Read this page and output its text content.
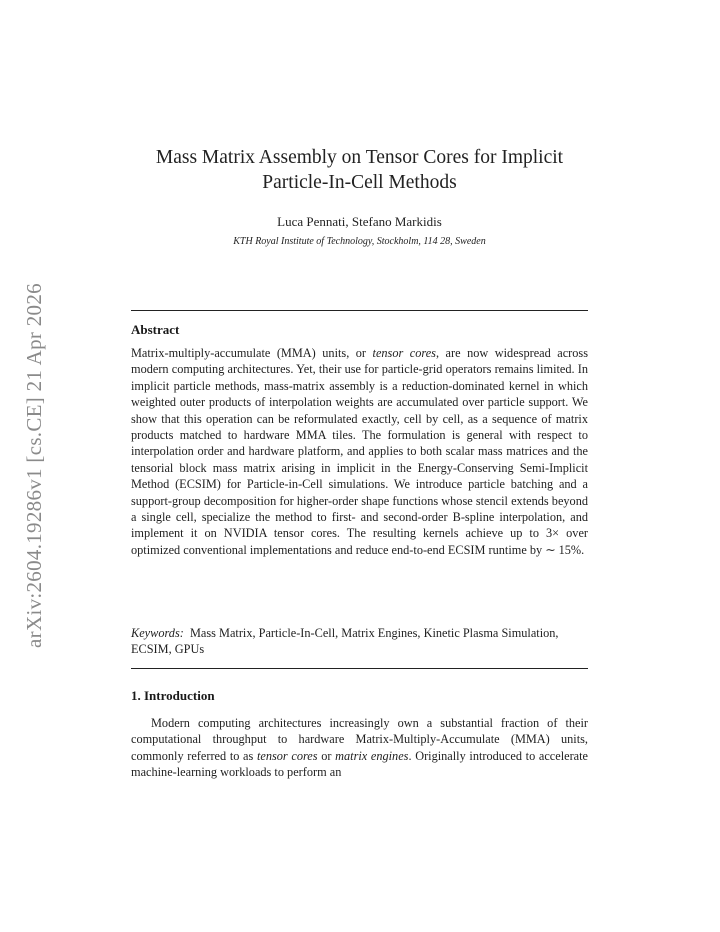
arXiv:2604.19286v1 [cs.CE] 21 Apr 2026
Mass Matrix Assembly on Tensor Cores for Implicit Particle-In-Cell Methods
Luca Pennati, Stefano Markidis
KTH Royal Institute of Technology, Stockholm, 114 28, Sweden
Abstract

Matrix-multiply-accumulate (MMA) units, or tensor cores, are now widespread across modern computing architectures. Yet, their use for particle-grid operators remains limited. In implicit particle methods, mass-matrix assembly is a reduction-dominated kernel in which weighted outer products of interpolation weights are accumulated over particle support. We show that this operation can be reformulated exactly, cell by cell, as a sequence of matrix products matched to hardware MMA tiles. The formulation is general with respect to interpolation order and hardware platform, and applies to both scalar mass matrices and the tensorial block mass matrix arising in implicit in the Energy-Conserving Semi-Implicit Method (ECSIM) for Particle-in-Cell simulations. We introduce particle batching and a support-group decomposition for higher-order shape functions whose stencil extends beyond a single cell, specialize the method to first- and second-order B-spline interpolation, and implement it on NVIDIA tensor cores. The resulting kernels achieve up to 3× over optimized conventional implementations and reduce end-to-end ECSIM runtime by ∼ 15%.

Keywords: Mass Matrix, Particle-In-Cell, Matrix Engines, Kinetic Plasma Simulation, ECSIM, GPUs

1. Introduction

Modern computing architectures increasingly own a substantial fraction of their computational throughput to hardware Matrix-Multiply-Accumulate (MMA) units, commonly referred to as tensor cores or matrix engines. Originally introduced to accelerate machine-learning workloads to perform an
